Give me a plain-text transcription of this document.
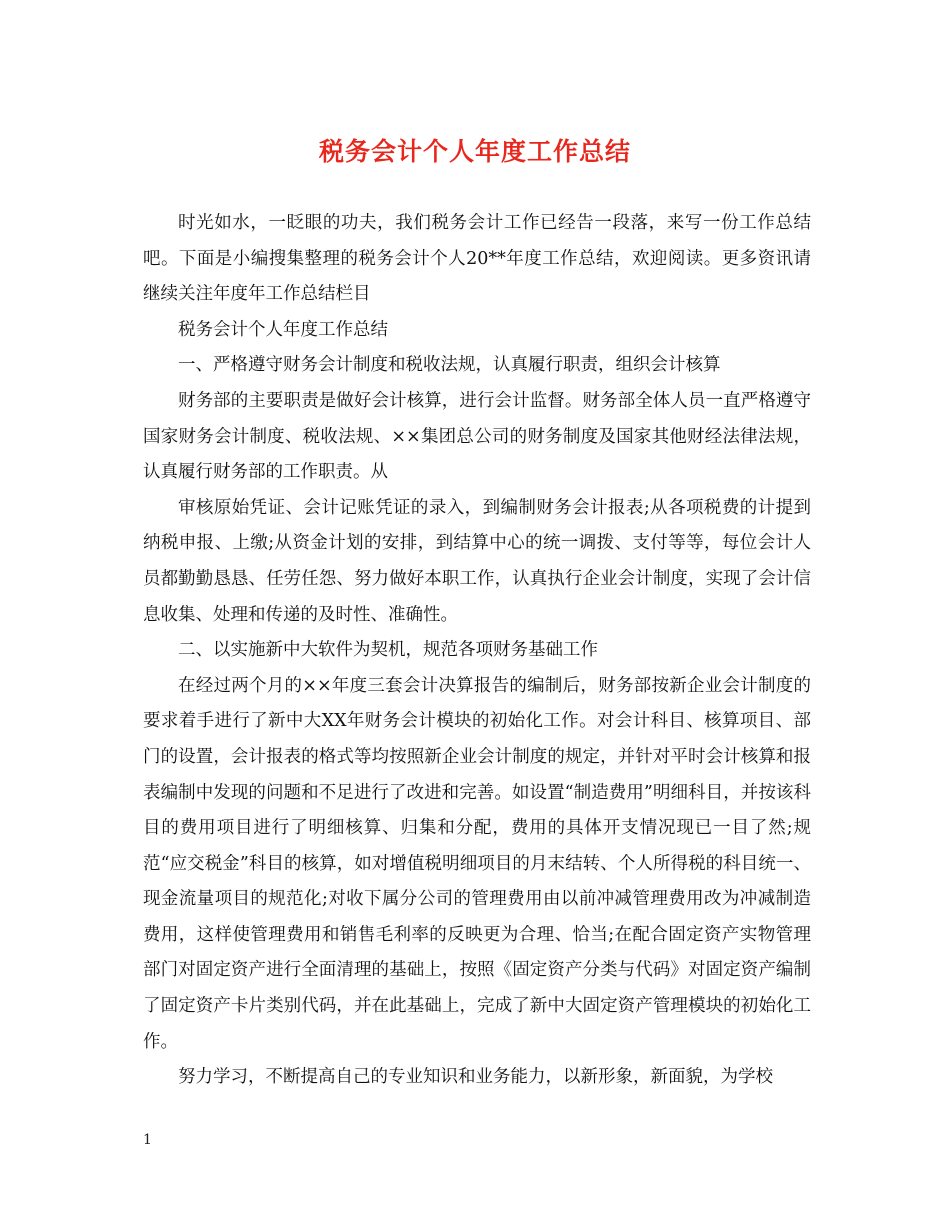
税务会计个人年度工作总结

时光如水，一眨眼的功夫，我们税务会计工作已经告一段落，来写一份工作总结吧。下面是小编搜集整理的税务会计个人20**年度工作总结，欢迎阅读。更多资讯请继续关注年度年工作总结栏目

税务会计个人年度工作总结

一、严格遵守财务会计制度和税收法规，认真履行职责，组织会计核算

财务部的主要职责是做好会计核算，进行会计监督。财务部全体人员一直严格遵守国家财务会计制度、税收法规、××集团总公司的财务制度及国家其他财经法律法规，认真履行财务部的工作职责。从

审核原始凭证、会计记账凭证的录入，到编制财务会计报表;从各项税费的计提到纳税申报、上缴;从资金计划的安排，到结算中心的统一调拨、支付等等，每位会计人员都勤勤恳恳、任劳任怨、努力做好本职工作，认真执行企业会计制度，实现了会计信息收集、处理和传递的及时性、准确性。

二、以实施新中大软件为契机，规范各项财务基础工作

在经过两个月的××年度三套会计决算报告的编制后，财务部按新企业会计制度的要求着手进行了新中大XX年财务会计模块的初始化工作。对会计科目、核算项目、部门的设置，会计报表的格式等均按照新企业会计制度的规定，并针对平时会计核算和报表编制中发现的问题和不足进行了改进和完善。如设置“制造费用”明细科目，并按该科目的费用项目进行了明细核算、归集和分配，费用的具体开支情况现已一目了然;规范“应交税金”科目的核算，如对增值税明细项目的月末结转、个人所得税的科目统一、现金流量项目的规范化;对收下属分公司的管理费用由以前冲减管理费用改为冲减制造费用，这样使管理费用和销售毛利率的反映更为合理、恰当;在配合固定资产实物管理部门对固定资产进行全面清理的基础上，按照《固定资产分类与代码》对固定资产编制了固定资产卡片类别代码，并在此基础上，完成了新中大固定资产管理模块的初始化工作。

努力学习，不断提高自己的专业知识和业务能力，以新形象，新面貌，为学校

1
